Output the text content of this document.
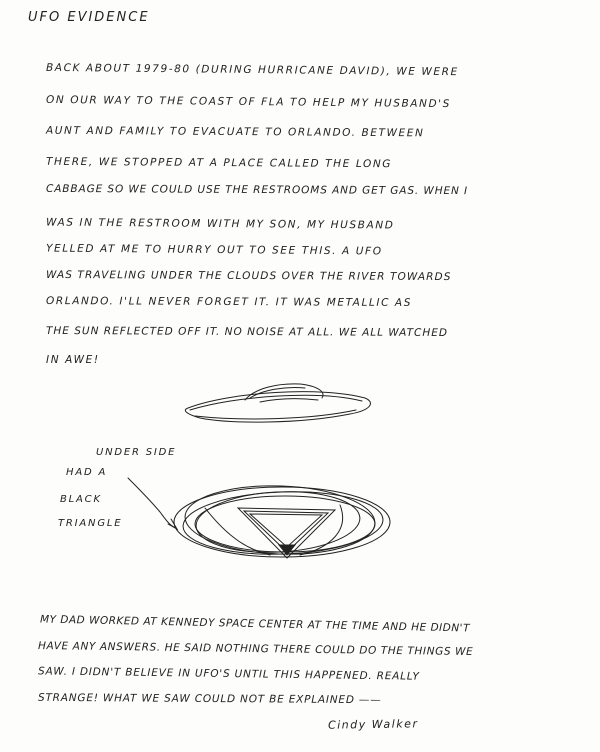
UFO EVIDENCE
BACK ABOUT 1979-80 (DURING HURRICANE DAVID), WE WERE
ON OUR WAY TO THE COAST OF FLA TO HELP MY HUSBAND'S
AUNT AND FAMILY TO EVACUATE TO ORLANDO. BETWEEN
THERE, WE STOPPED AT A PLACE CALLED THE LONG
CABBAGE SO WE COULD USE THE RESTROOMS AND GET GAS. WHEN I
WAS IN THE RESTROOM WITH MY SON, MY HUSBAND
YELLED AT ME TO HURRY OUT TO SEE THIS. A UFO
WAS TRAVELING UNDER THE CLOUDS OVER THE RIVER TOWARDS
ORLANDO. I'LL NEVER FORGET IT. IT WAS METALLIC AS
THE SUN REFLECTED OFF IT. NO NOISE AT ALL. WE ALL WATCHED
IN AWE!
UNDER SIDE
HAD A
BLACK
TRIANGLE
MY DAD WORKED AT KENNEDY SPACE CENTER AT THE TIME AND HE DIDN'T
HAVE ANY ANSWERS. HE SAID NOTHING THERE COULD DO THE THINGS WE
SAW. I DIDN'T BELIEVE IN UFO'S UNTIL THIS HAPPENED. REALLY
STRANGE! WHAT WE SAW COULD NOT BE EXPLAINED ——
Cindy Walker
